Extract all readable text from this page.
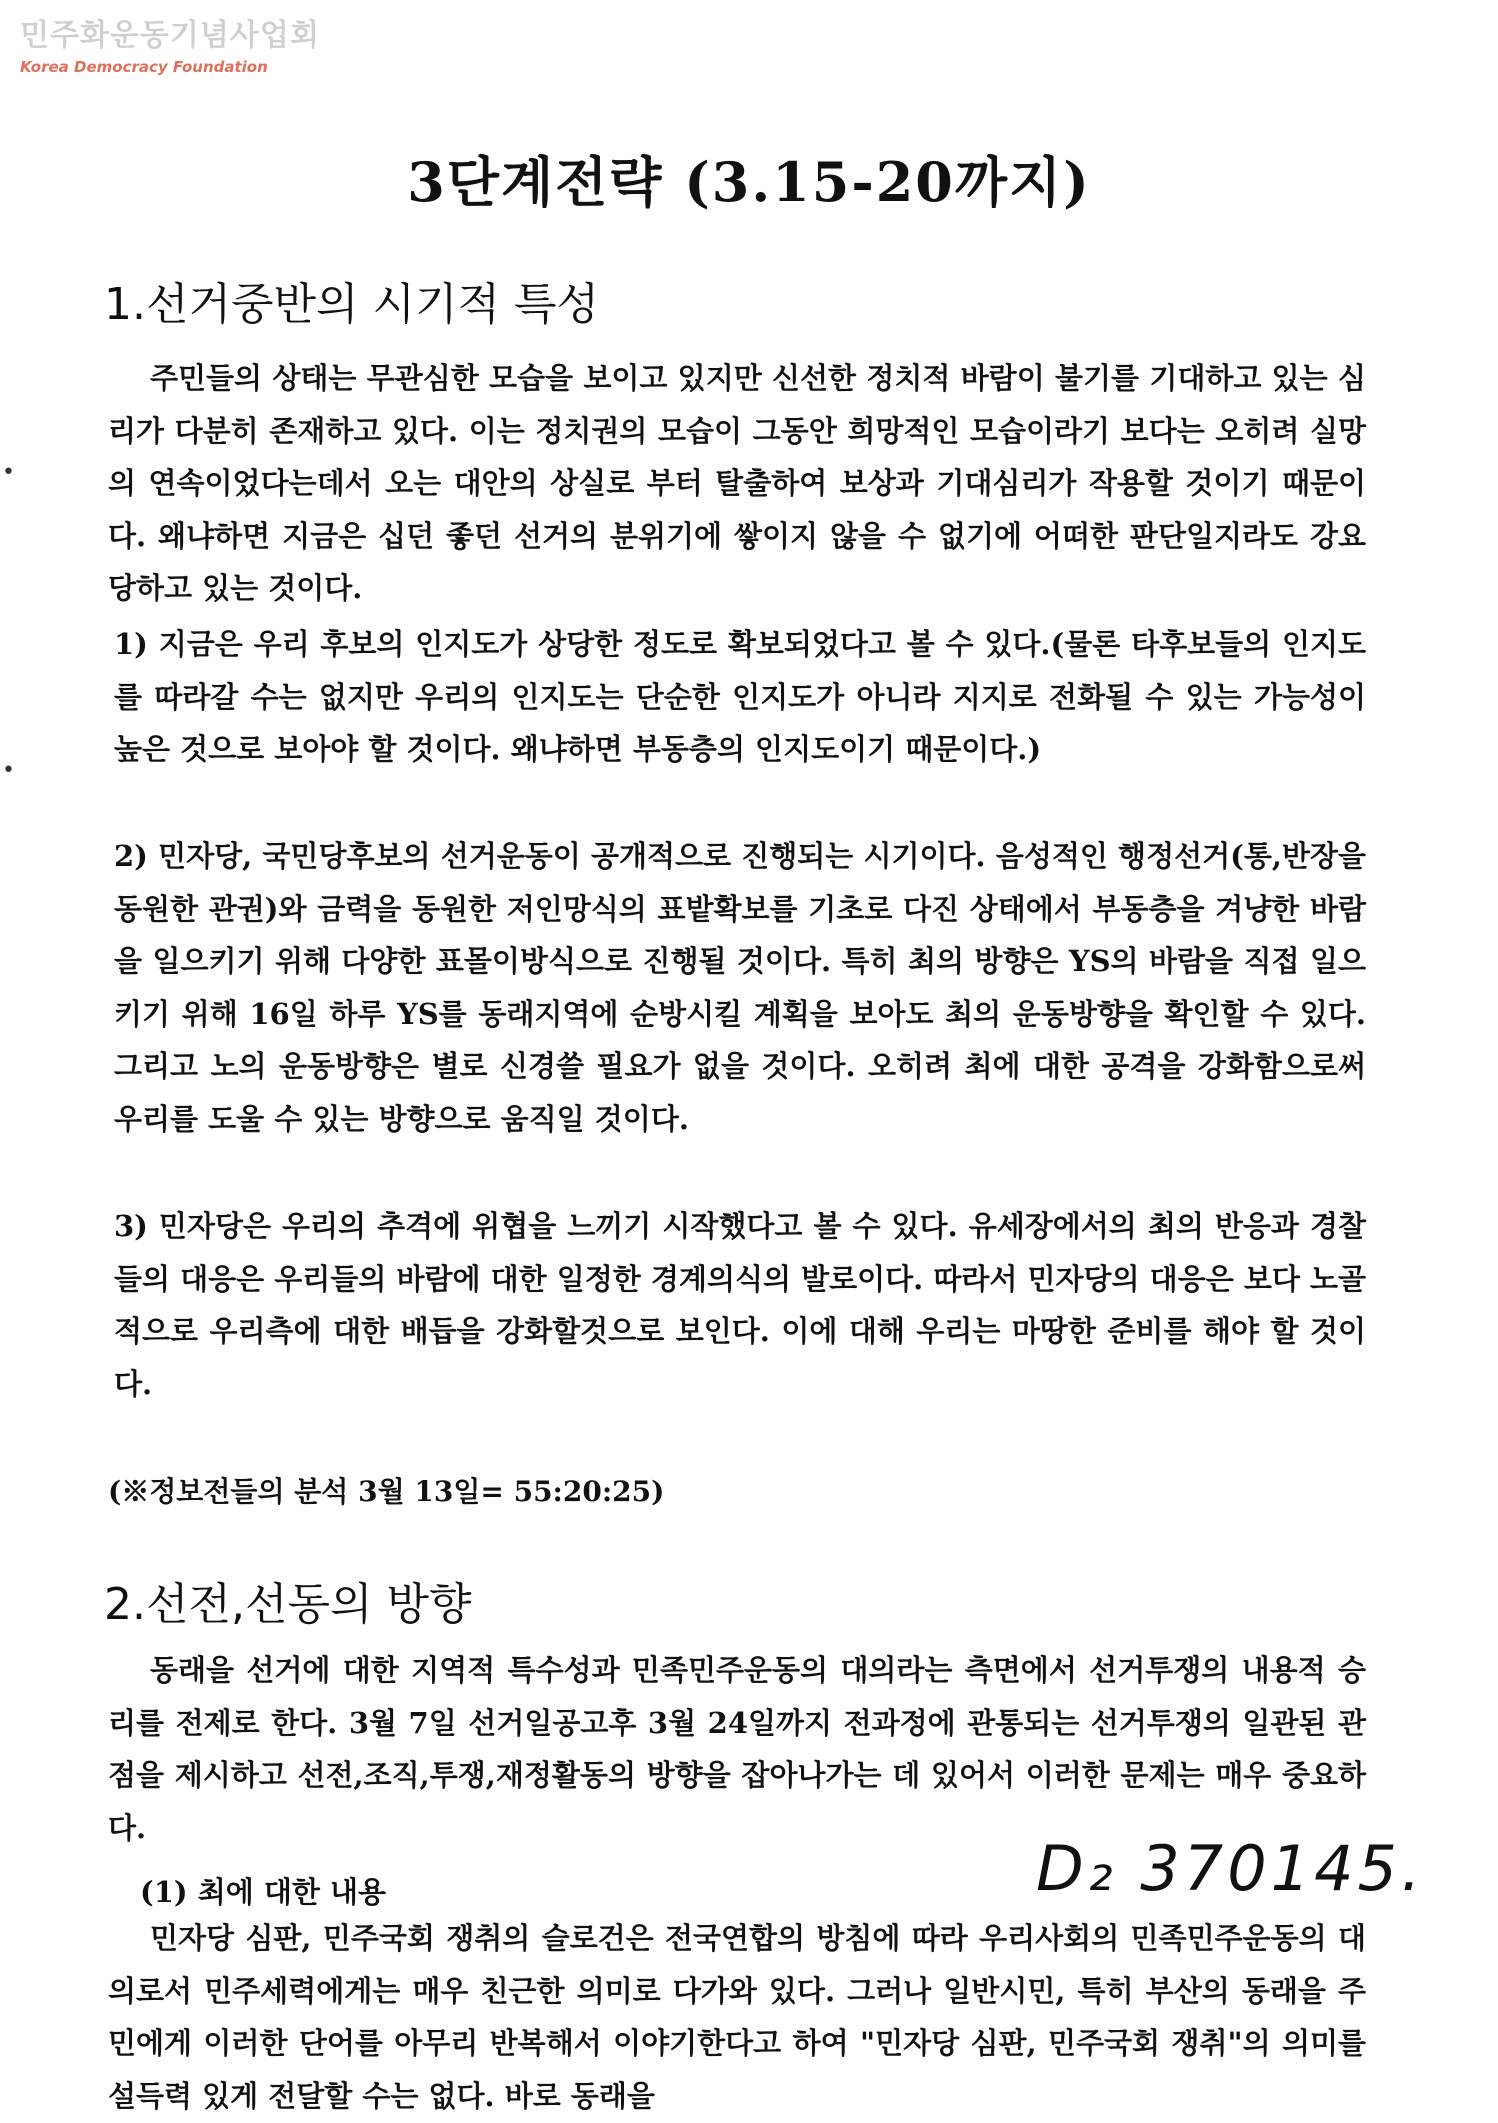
민주화운동기념사업회
Korea Democracy Foundation
3단계전략 (3.15-20까지)
1.선거중반의 시기적 특성
주민들의 상태는 무관심한 모습을 보이고 있지만 신선한 정치적 바람이 불기를 기대하고 있는 심리가 다분히 존재하고 있다. 이는 정치권의 모습이 그동안 희망적인 모습이라기 보다는 오히려 실망의 연속이었다는데서 오는 대안의 상실로 부터 탈출하여 보상과 기대심리가 작용할 것이기 때문이다. 왜냐하면 지금은 십던 좋던 선거의 분위기에 쌓이지 않을 수 없기에 어떠한 판단일지라도 강요당하고 있는 것이다.
1) 지금은 우리 후보의 인지도가 상당한 정도로 확보되었다고 볼 수 있다.(물론 타후보들의 인지도를 따라갈 수는 없지만 우리의 인지도는 단순한 인지도가 아니라 지지로 전화될 수 있는 가능성이 높은 것으로 보아야 할 것이다. 왜냐하면 부동층의 인지도이기 때문이다.)
2) 민자당, 국민당후보의 선거운동이 공개적으로 진행되는 시기이다. 음성적인 행정선거(통,반장을 동원한 관권)와 금력을 동원한 저인망식의 표밭확보를 기초로 다진 상태에서 부동층을 겨냥한 바람을 일으키기 위해 다양한 표몰이방식으로 진행될 것이다. 특히 최의 방향은 YS의 바람을 직접 일으키기 위해 16일 하루 YS를 동래지역에 순방시킬 계획을 보아도 최의 운동방향을 확인할 수 있다. 그리고 노의 운동방향은 별로 신경쓸 필요가 없을 것이다. 오히려 최에 대한 공격을 강화함으로써 우리를 도울 수 있는 방향으로 움직일 것이다.
3) 민자당은 우리의 추격에 위협을 느끼기 시작했다고 볼 수 있다. 유세장에서의 최의 반응과 경찰들의 대응은 우리들의 바람에 대한 일정한 경계의식의 발로이다. 따라서 민자당의 대응은 보다 노골적으로 우리측에 대한 배듭을 강화할것으로 보인다. 이에 대해 우리는 마땅한 준비를 해야 할 것이다.
(※정보전들의 분석 3월 13일= 55:20:25)
2.선전,선동의 방향
동래을 선거에 대한 지역적 특수성과 민족민주운동의 대의라는 측면에서 선거투쟁의 내용적 승리를 전제로 한다. 3월 7일 선거일공고후 3월 24일까지 전과정에 관통되는 선거투쟁의 일관된 관점을 제시하고 선전,조직,투쟁,재정활동의 방향을 잡아나가는 데 있어서 이러한 문제는 매우 중요하다.
(1) 최에 대한 내용
민자당 심판, 민주국회 쟁취의 슬로건은 전국연합의 방침에 따라 우리사회의 민족민주운동의 대의로서 민주세력에게는 매우 친근한 의미로 다가와 있다. 그러나 일반시민, 특히 부산의 동래을 주민에게 이러한 단어를 아무리 반복해서 이야기한다고 하여 "민자당 심판, 민주국회 쟁취"의 의미를 설득력 있게 전달할 수는 없다. 바로 동래을
D₂ 370145.
•
•
